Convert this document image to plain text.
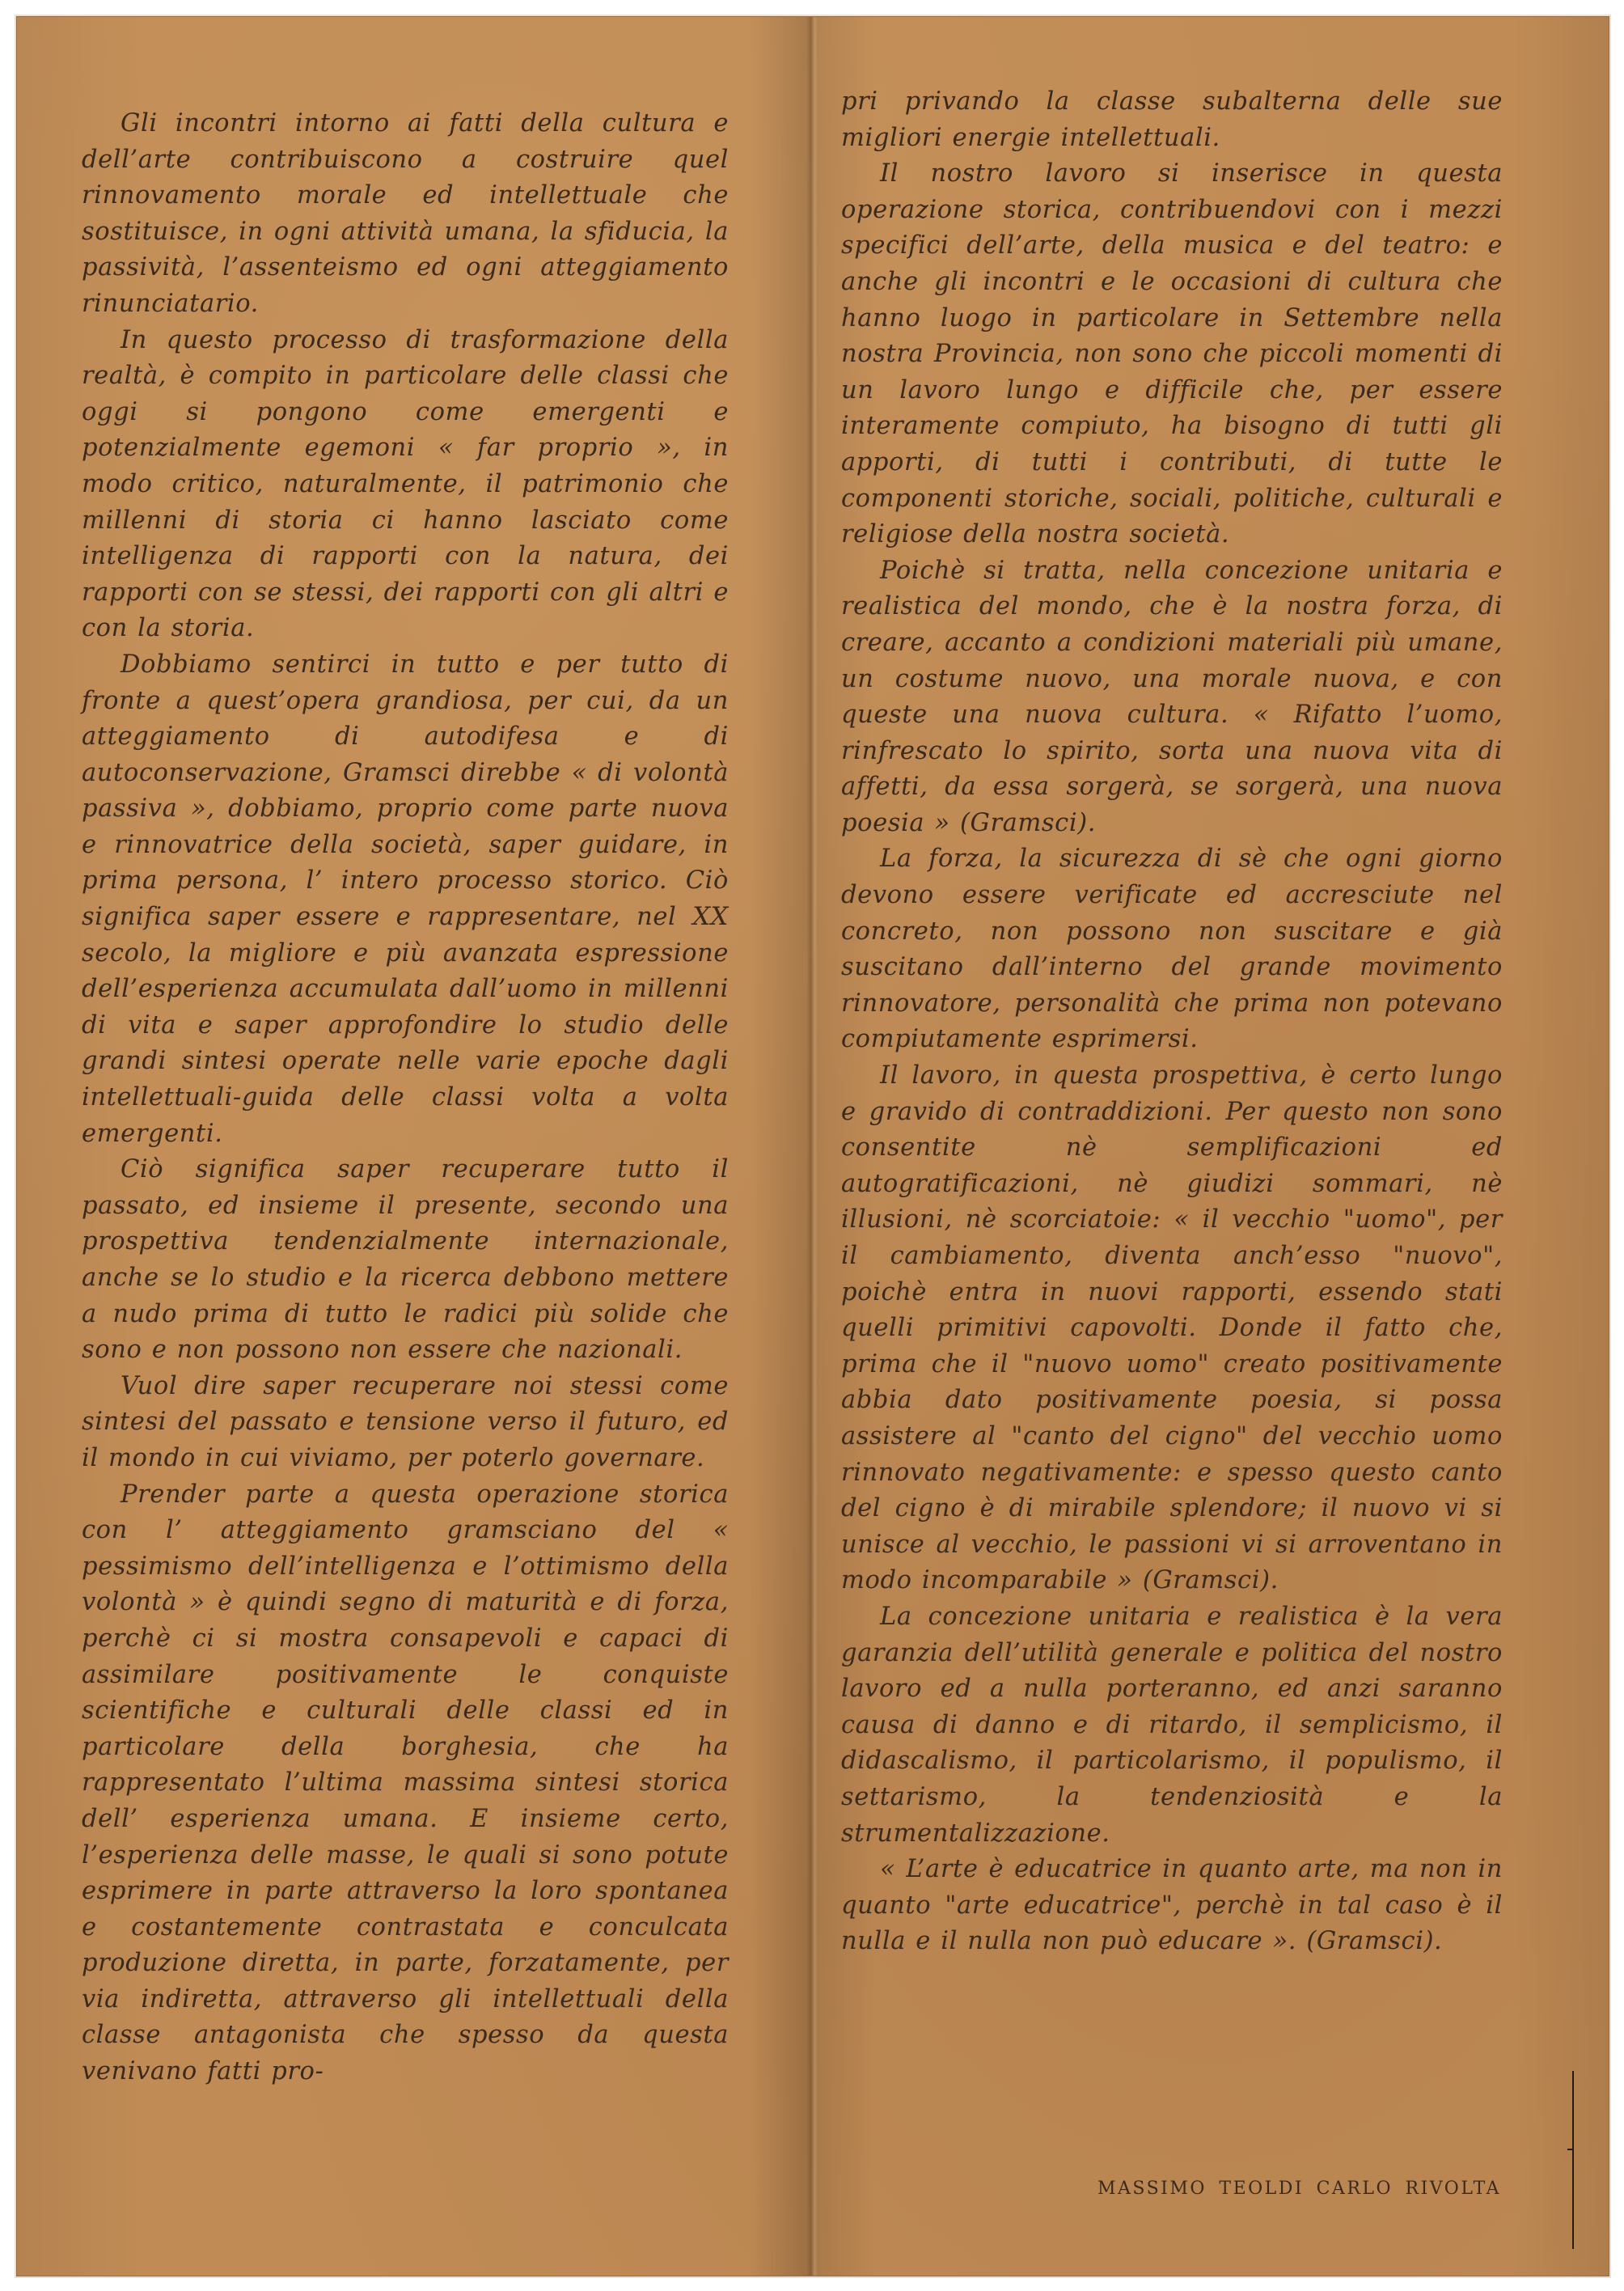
Gli incontri intorno ai fatti della cultura e dell’arte contribuiscono a costruire quel rinnovamento morale ed intellettuale che sostituisce, in ogni attività umana, la sfiducia, la passività, l’assenteismo ed ogni atteggiamento rinunciatario.

In questo processo di trasformazione della realtà, è compito in particolare delle classi che oggi si pongono come emergenti e potenzialmente egemoni « far proprio », in modo critico, naturalmente, il patrimonio che millenni di storia ci hanno lasciato come intelligenza di rapporti con la natura, dei rapporti con se stessi, dei rapporti con gli altri e con la storia.

Dobbiamo sentirci in tutto e per tutto di fronte a quest’opera grandiosa, per cui, da un atteggiamento di autodifesa e di autoconservazione, Gramsci direbbe « di volontà passiva », dobbiamo, proprio come parte nuova e rinnovatrice della società, saper guidare, in prima persona, l’ intero processo storico. Ciò significa saper essere e rappresentare, nel XX secolo, la migliore e più avanzata espressione dell’esperienza accumulata dall’uomo in millenni di vita e saper approfondire lo studio delle grandi sintesi operate nelle varie epoche dagli intellettuali-guida delle classi volta a volta emergenti.

Ciò significa saper recuperare tutto il passato, ed insieme il presente, secondo una prospettiva tendenzialmente internazionale, anche se lo studio e la ricerca debbono mettere a nudo prima di tutto le radici più solide che sono e non possono non essere che nazionali.

Vuol dire saper recuperare noi stessi come sintesi del passato e tensione verso il futuro, ed il mondo in cui viviamo, per poterlo governare.

Prender parte a questa operazione storica con l’ atteggiamento gramsciano del « pessimismo dell’intelligenza e l’ottimismo della volontà » è quindi segno di maturità e di forza, perchè ci si mostra consapevoli e capaci di assimilare positivamente le conquiste scientifiche e culturali delle classi ed in particolare della borghesia, che ha rappresentato l’ultima massima sintesi storica dell’ esperienza umana. E insieme certo, l’esperienza delle masse, le quali si sono potute esprimere in parte attraverso la loro spontanea e costantemente contrastata e conculcata produzione diretta, in parte, forzatamente, per via indiretta, attraverso gli intellettuali della classe antagonista che spesso da questa venivano fatti pro-

pri privando la classe subalterna delle sue migliori energie intellettuali.

Il nostro lavoro si inserisce in questa operazione storica, contribuendovi con i mezzi specifici dell’arte, della musica e del teatro: e anche gli incontri e le occasioni di cultura che hanno luogo in particolare in Settembre nella nostra Provincia, non sono che piccoli momenti di un lavoro lungo e difficile che, per essere interamente compiuto, ha bisogno di tutti gli apporti, di tutti i contributi, di tutte le componenti storiche, sociali, politiche, culturali e religiose della nostra società.

Poichè si tratta, nella concezione unitaria e realistica del mondo, che è la nostra forza, di creare, accanto a condizioni materiali più umane, un costume nuovo, una morale nuova, e con queste una nuova cultura. « Rifatto l’uomo, rinfrescato lo spirito, sorta una nuova vita di affetti, da essa sorgerà, se sorgerà, una nuova poesia » (Gramsci).

La forza, la sicurezza di sè che ogni giorno devono essere verificate ed accresciute nel concreto, non possono non suscitare e già suscitano dall’interno del grande movimento rinnovatore, personalità che prima non potevano compiutamente esprimersi.

Il lavoro, in questa prospettiva, è certo lungo e gravido di contraddizioni. Per questo non sono consentite nè semplificazioni ed autogratificazioni, nè giudizi sommari, nè illusioni, nè scorciatoie: « il vecchio "uomo", per il cambiamento, diventa anch’esso "nuovo", poichè entra in nuovi rapporti, essendo stati quelli primitivi capovolti. Donde il fatto che, prima che il "nuovo uomo" creato positivamente abbia dato positivamente poesia, si possa assistere al "canto del cigno" del vecchio uomo rinnovato negativamente: e spesso questo canto del cigno è di mirabile splendore; il nuovo vi si unisce al vecchio, le passioni vi si arroventano in modo incomparabile » (Gramsci).

La concezione unitaria e realistica è la vera garanzia dell’utilità generale e politica del nostro lavoro ed a nulla porteranno, ed anzi saranno causa di danno e di ritardo, il semplicismo, il didascalismo, il particolarismo, il populismo, il settarismo, la tendenziosità e la strumentalizzazione.

« L’arte è educatrice in quanto arte, ma non in quanto "arte educatrice", perchè in tal caso è il nulla e il nulla non può educare ». (Gramsci).

MASSIMO TEOLDI CARLO RIVOLTA
